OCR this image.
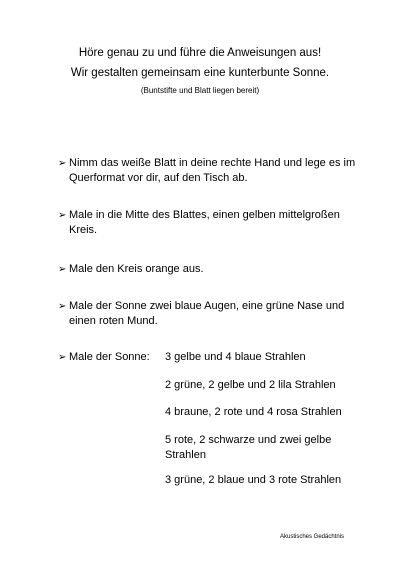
Höre genau zu und führe die Anweisungen aus!
Wir gestalten gemeinsam eine kunterbunte Sonne.
(Buntstifte und Blatt liegen bereit)
➢ Nimm das weiße Blatt in deine rechte Hand und lege es im Querformat vor dir, auf den Tisch ab.
➢ Male in die Mitte des Blattes, einen gelben mittelgroßen Kreis.
➢ Male den Kreis orange aus.
➢ Male der Sonne zwei blaue Augen, eine grüne Nase und einen roten Mund.
➢ Male der Sonne: 3 gelbe und 4 blaue Strahlen
2 grüne, 2 gelbe und 2 lila Strahlen
4 braune, 2 rote und 4 rosa Strahlen
5 rote, 2 schwarze und zwei gelbe Strahlen
3 grüne, 2 blaue und 3 rote Strahlen
Akustisches Gedächtnis
